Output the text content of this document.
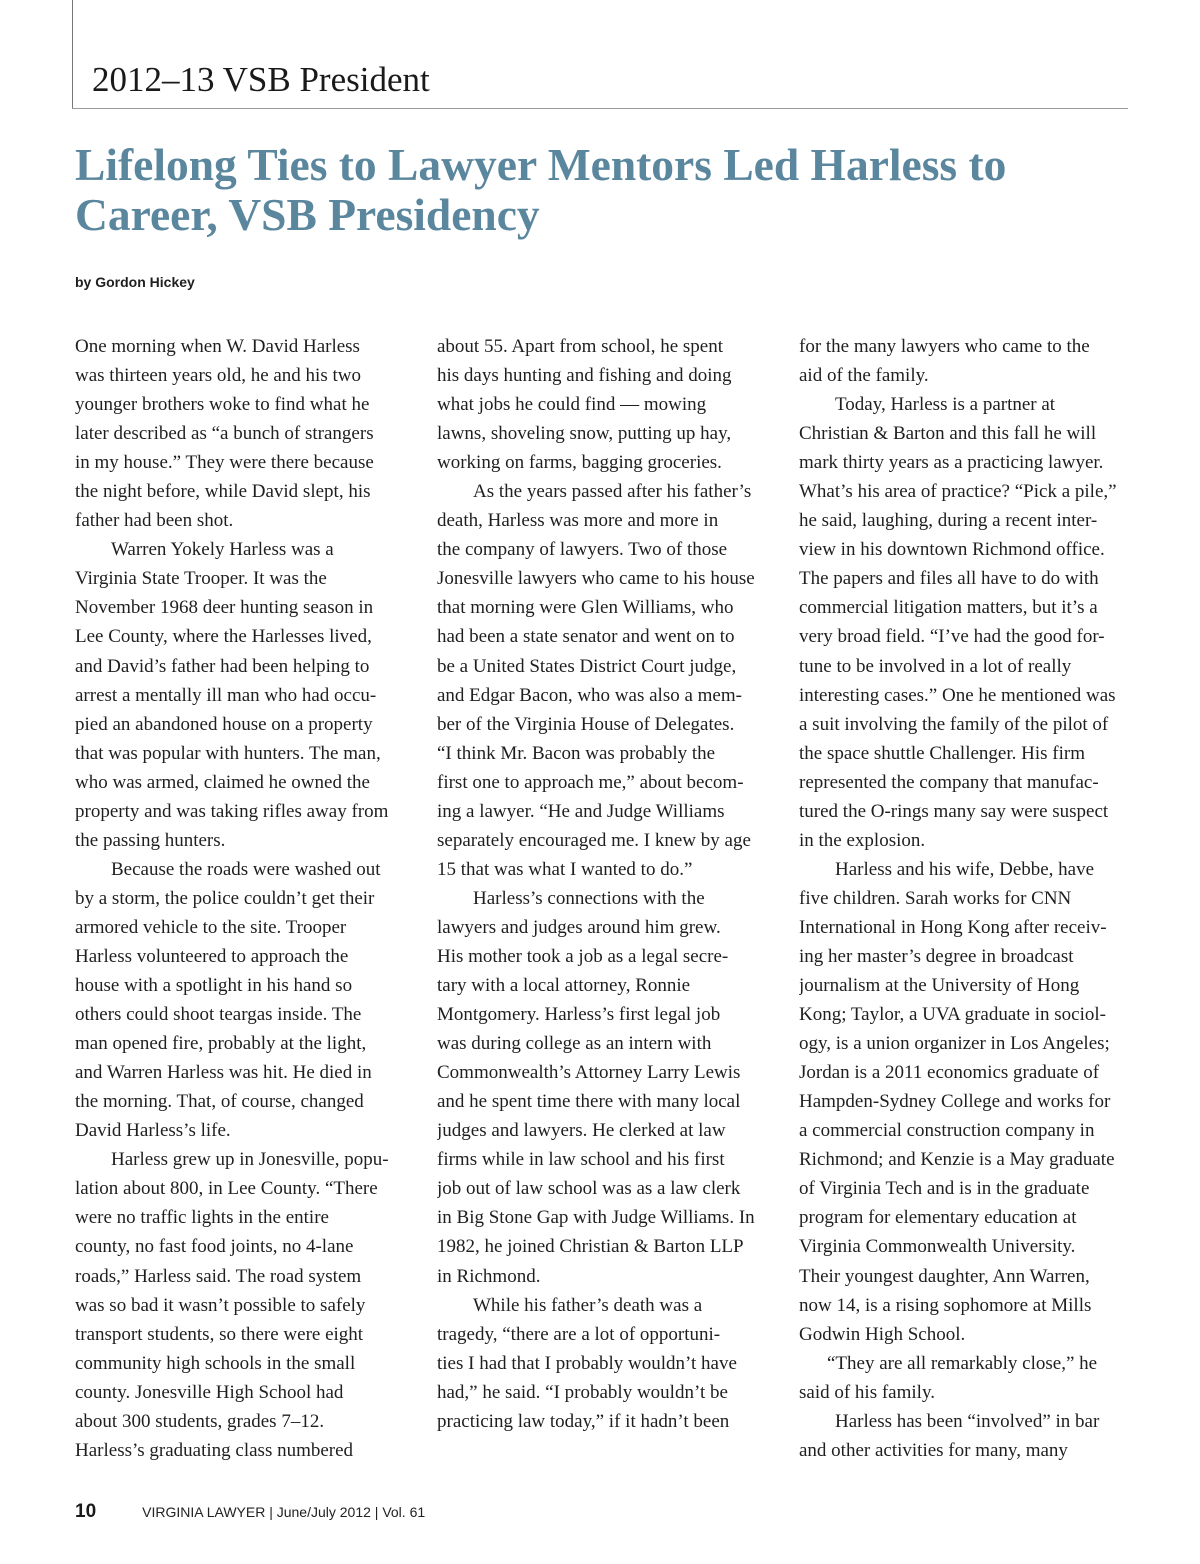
2012–13 VSB President
Lifelong Ties to Lawyer Mentors Led Harless to Career, VSB Presidency
by Gordon Hickey

One morning when W. David Harless

was thirteen years old, he and his two

younger brothers woke to find what he

later described as “a bunch of strangers

in my house.” They were there because

the night before, while David slept, his

father had been shot.

Warren Yokely Harless was a

Virginia State Trooper. It was the

November 1968 deer hunting season in

Lee County, where the Harlesses lived,

and David’s father had been helping to

arrest a mentally ill man who had occu-

pied an abandoned house on a property

that was popular with hunters. The man,

who was armed, claimed he owned the

property and was taking rifles away from

the passing hunters.

Because the roads were washed out

by a storm, the police couldn’t get their

armored vehicle to the site. Trooper

Harless volunteered to approach the

house with a spotlight in his hand so

others could shoot teargas inside. The

man opened fire, probably at the light,

and Warren Harless was hit. He died in

the morning. That, of course, changed

David Harless’s life.

Harless grew up in Jonesville, popu-

lation about 800, in Lee County. “There

were no traffic lights in the entire

county, no fast food joints, no 4-lane

roads,” Harless said. The road system

was so bad it wasn’t possible to safely

transport students, so there were eight

community high schools in the small

county. Jonesville High School had

about 300 students, grades 7–12.

Harless’s graduating class numbered

about 55. Apart from school, he spent

his days hunting and fishing and doing

what jobs he could find — mowing

lawns, shoveling snow, putting up hay,

working on farms, bagging groceries.

As the years passed after his father’s

death, Harless was more and more in

the company of lawyers. Two of those

Jonesville lawyers who came to his house

that morning were Glen Williams, who

had been a state senator and went on to

be a United States District Court judge,

and Edgar Bacon, who was also a mem-

ber of the Virginia House of Delegates.

“I think Mr. Bacon was probably the

first one to approach me,” about becom-

ing a lawyer. “He and Judge Williams

separately encouraged me. I knew by age

15 that was what I wanted to do.”

Harless’s connections with the

lawyers and judges around him grew.

His mother took a job as a legal secre-

tary with a local attorney, Ronnie

Montgomery. Harless’s first legal job

was during college as an intern with

Commonwealth’s Attorney Larry Lewis

and he spent time there with many local

judges and lawyers. He clerked at law

firms while in law school and his first

job out of law school was as a law clerk

in Big Stone Gap with Judge Williams. In

1982, he joined Christian & Barton LLP

in Richmond.

While his father’s death was a

tragedy, “there are a lot of opportuni-

ties I had that I probably wouldn’t have

had,” he said. “I probably wouldn’t be

practicing law today,” if it hadn’t been

for the many lawyers who came to the

aid of the family.

Today, Harless is a partner at

Christian & Barton and this fall he will

mark thirty years as a practicing lawyer.

What’s his area of practice? “Pick a pile,”

he said, laughing, during a recent inter-

view in his downtown Richmond office.

The papers and files all have to do with

commercial litigation matters, but it’s a

very broad field. “I’ve had the good for-

tune to be involved in a lot of really

interesting cases.” One he mentioned was

a suit involving the family of the pilot of

the space shuttle Challenger. His firm

represented the company that manufac-

tured the O-rings many say were suspect

in the explosion.

Harless and his wife, Debbe, have

five children. Sarah works for CNN

International in Hong Kong after receiv-

ing her master’s degree in broadcast

journalism at the University of Hong

Kong; Taylor, a UVA graduate in sociol-

ogy, is a union organizer in Los Angeles;

Jordan is a 2011 economics graduate of

Hampden-Sydney College and works for

a commercial construction company in

Richmond; and Kenzie is a May graduate

of Virginia Tech and is in the graduate

program for elementary education at

Virginia Commonwealth University.

Their youngest daughter, Ann Warren,

now 14, is a rising sophomore at Mills

Godwin High School.

“They are all remarkably close,” he

said of his family.

Harless has been “involved” in bar

and other activities for many, many

10	VIRGINIA LAWYER | June/July 2012 | Vol. 61
